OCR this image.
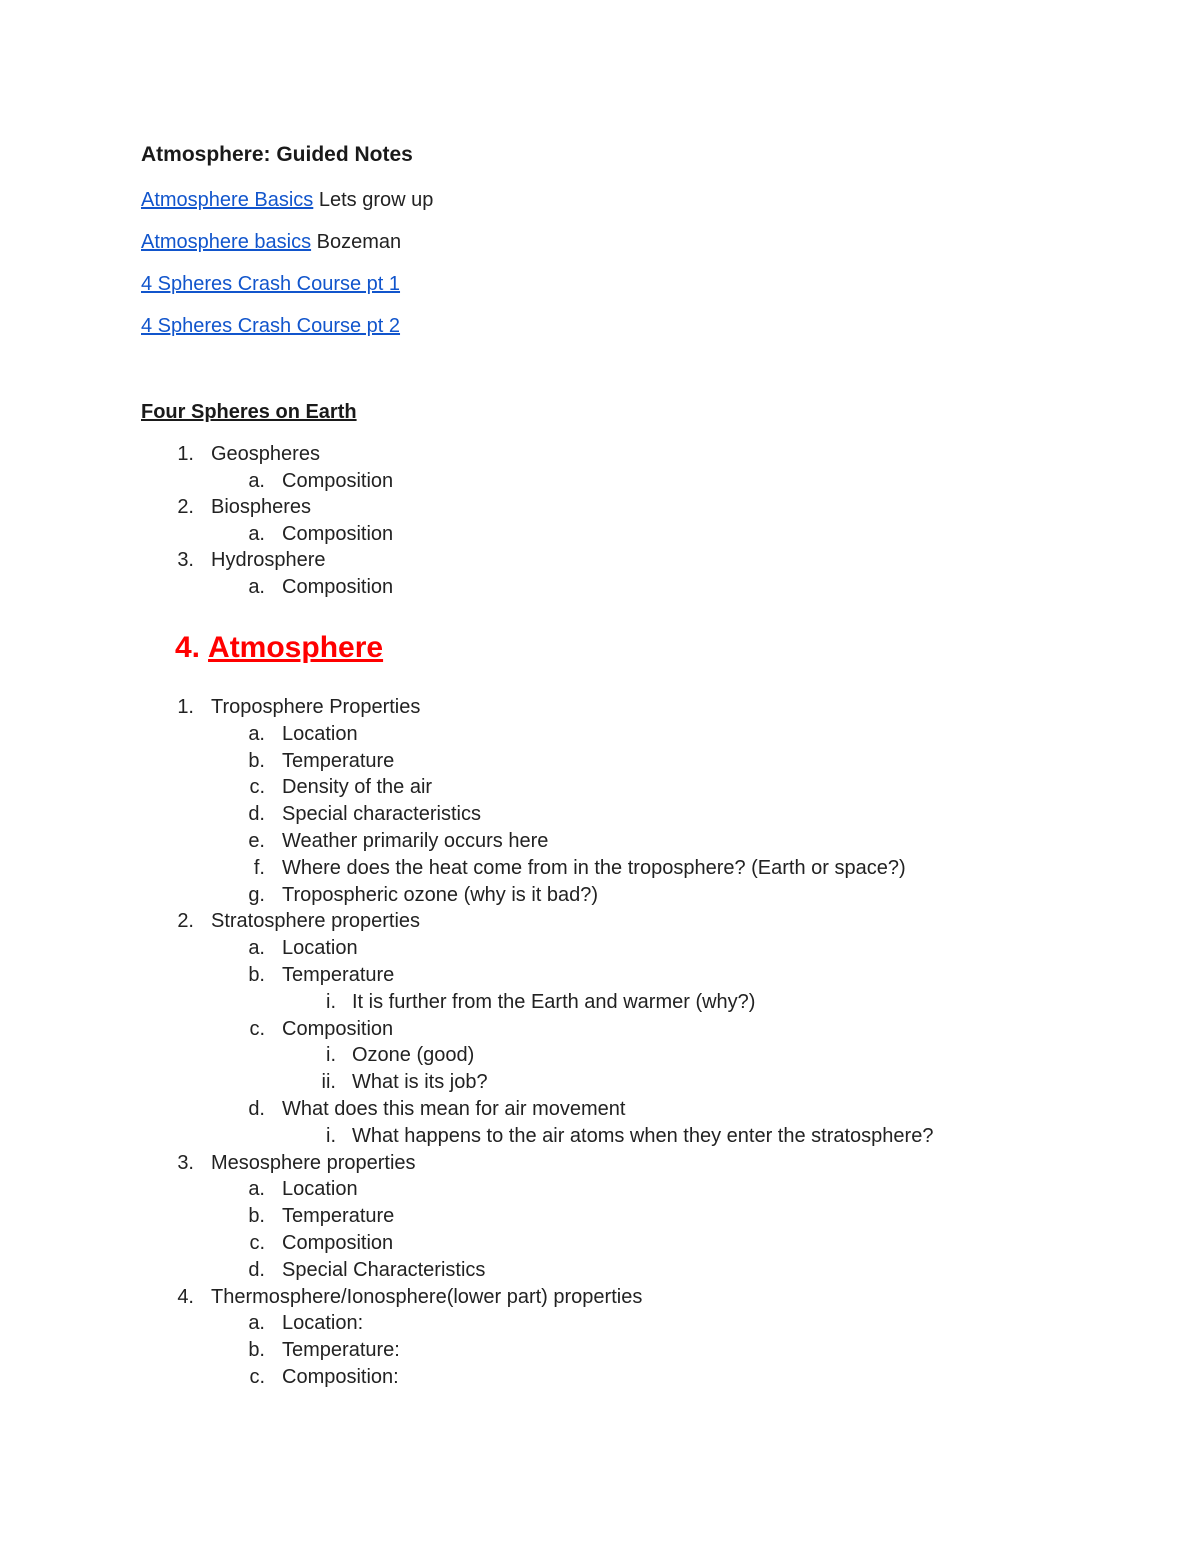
Atmosphere: Guided Notes
Atmosphere Basics Lets grow up
Atmosphere basics Bozeman
4 Spheres Crash Course pt 1
4 Spheres Crash Course pt 2
Four Spheres on Earth
1. Geospheres
a. Composition
2. Biospheres
a. Composition
3. Hydrosphere
a. Composition
4. Atmosphere
1. Troposphere Properties
a. Location
b. Temperature
c. Density of the air
d. Special characteristics
e. Weather primarily occurs here
f. Where does the heat come from in the troposphere? (Earth or space?)
g. Tropospheric ozone (why is it bad?)
2. Stratosphere properties
a. Location
b. Temperature
i. It is further from the Earth and warmer (why?)
c. Composition
i. Ozone (good)
ii. What is its job?
d. What does this mean for air movement
i. What happens to the air atoms when they enter the stratosphere?
3. Mesosphere properties
a. Location
b. Temperature
c. Composition
d. Special Characteristics
4. Thermosphere/Ionosphere(lower part) properties
a. Location:
b. Temperature:
c. Composition:
